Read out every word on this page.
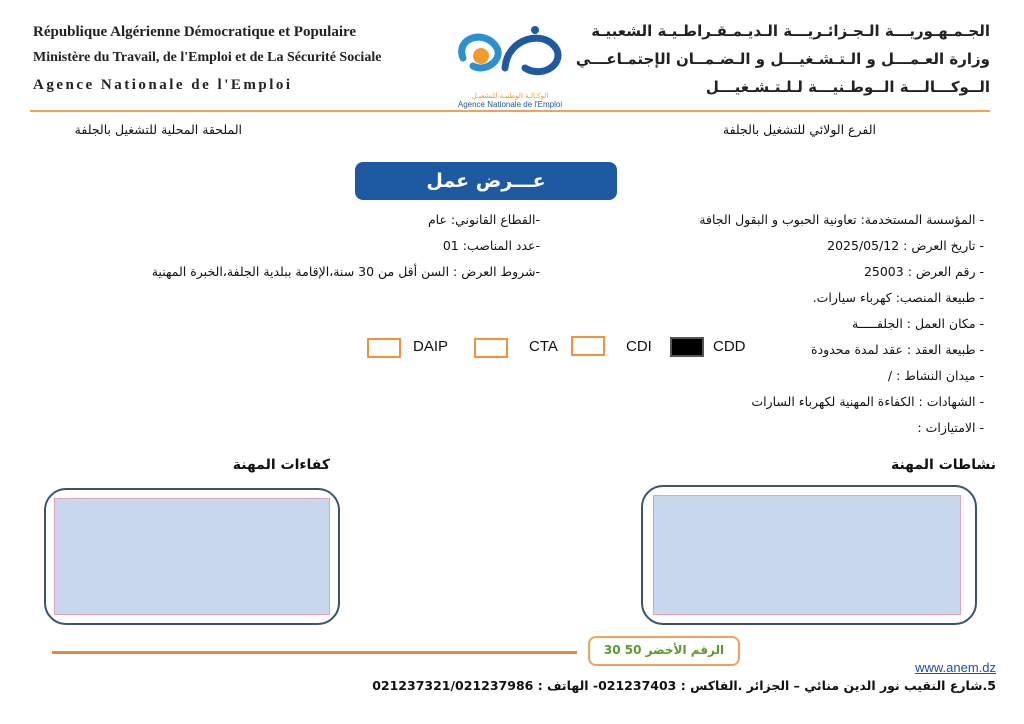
République Algérienne Démocratique et Populaire
Ministère du Travail, de l'Emploi et de La Sécurité Sociale
Agence Nationale de l'Emploi
الوكـالـة الوطنيـة للتشغيـل
Agence Nationale de l'Emploi
الجـمـهـوريـــة الـجـزائـريـــة الـديـمـقـراطـيـة الشعبيـة
وزارة العـمـــل و الـتـشـغيـــل و الـضـمــان الإجتمـاعـــي
الــوكـــالـــة الــوطـنيـــة لـلـتـشـغيـــل
الفرع الولائي للتشغيل بالجلفة
الملحقة المحلية للتشغيل بالجلفة
عـــرض عمل
- المؤسسة المستخدمة: تعاونية الحبوب و البقول الجافة
- تاريخ العرض : 2025/05/12
- رقم العرض : 25003
- طبيعة المنصب: كهرباء سيارات.
- مكان العمل : الجلفـــــة
- طبيعة العقد : عقد لمدة محدودة
- ميدان النشاط : /
- الشهادات : الكفاءة المهنية لكهرباء السارات
- الامتيازات :
-القطاع القانوني: عام
-عدد المناصب: 01
-شروط العرض : السن أقل من 30 سنة،الإقامة ببلدية الجلفة،الخبرة المهنية
CDD
CDI
CTA
DAIP
نشاطات المهنة
كفاءات المهنة
الرقم الأخضر 50 30
www.anem.dz
5.شارع النقيب نور الدين منائي – الجزائر .الفاكس : 021237403- الهاتف : 021237321/021237986
